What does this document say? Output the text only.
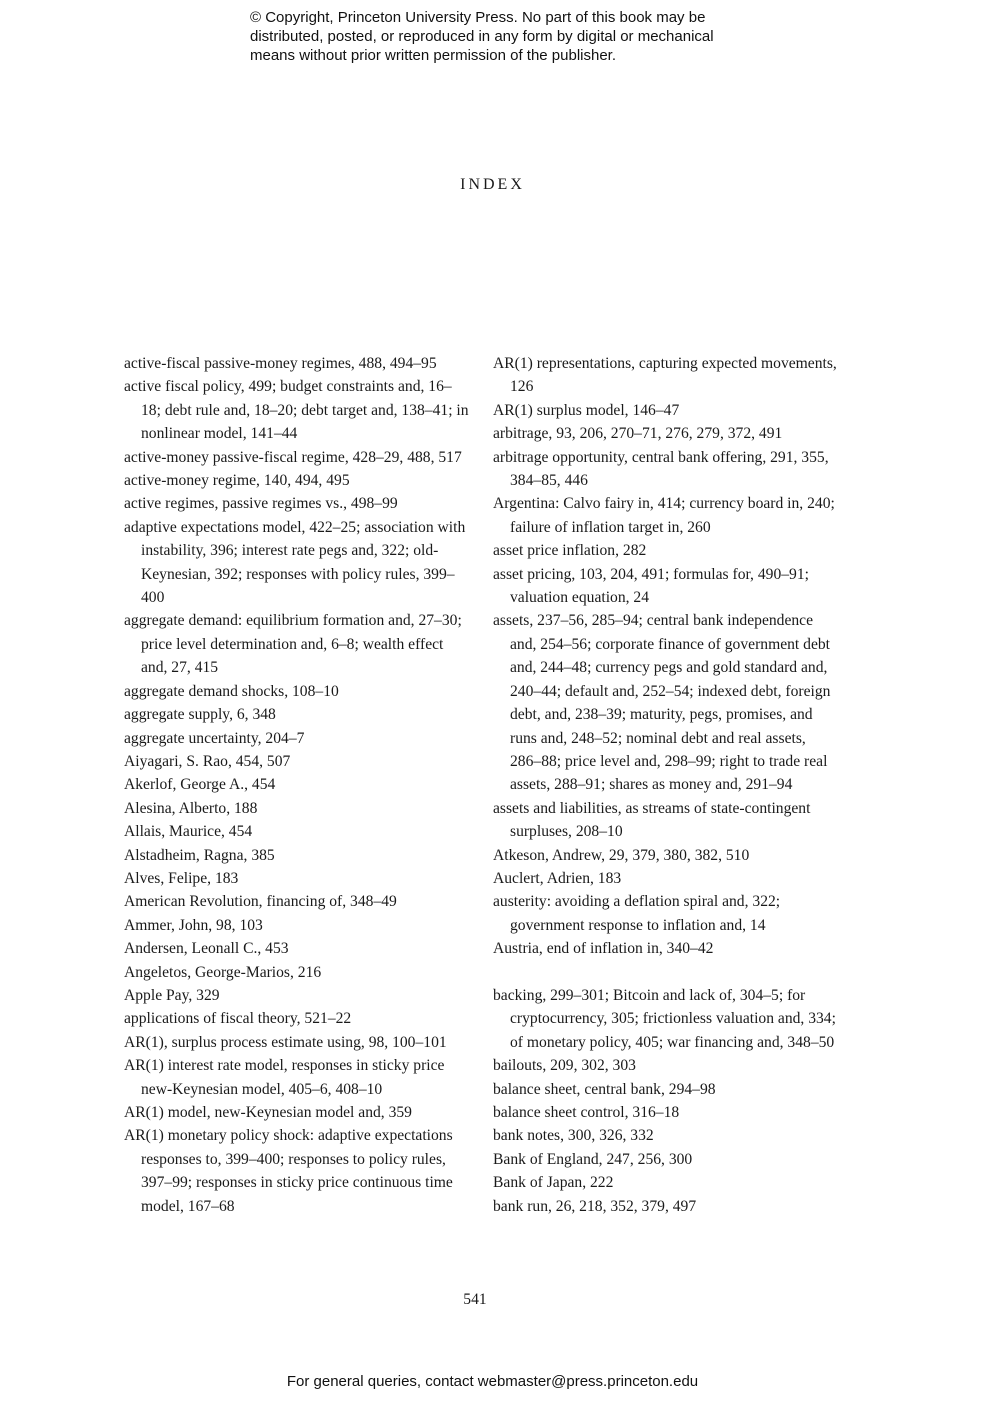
© Copyright, Princeton University Press. No part of this book may be
distributed, posted, or reproduced in any form by digital or mechanical
means without prior written permission of the publisher.
INDEX
active-fiscal passive-money regimes, 488, 494–95
active fiscal policy, 499; budget constraints and, 16–18; debt rule and, 18–20; debt target and, 138–41; in nonlinear model, 141–44
active-money passive-fiscal regime, 428–29, 488, 517
active-money regime, 140, 494, 495
active regimes, passive regimes vs., 498–99
adaptive expectations model, 422–25; association with instability, 396; interest rate pegs and, 322; old-Keynesian, 392; responses with policy rules, 399–400
aggregate demand: equilibrium formation and, 27–30; price level determination and, 6–8; wealth effect and, 27, 415
aggregate demand shocks, 108–10
aggregate supply, 6, 348
aggregate uncertainty, 204–7
Aiyagari, S. Rao, 454, 507
Akerlof, George A., 454
Alesina, Alberto, 188
Allais, Maurice, 454
Alstadheim, Ragna, 385
Alves, Felipe, 183
American Revolution, financing of, 348–49
Ammer, John, 98, 103
Andersen, Leonall C., 453
Angeletos, George-Marios, 216
Apple Pay, 329
applications of fiscal theory, 521–22
AR(1), surplus process estimate using, 98, 100–101
AR(1) interest rate model, responses in sticky price new-Keynesian model, 405–6, 408–10
AR(1) model, new-Keynesian model and, 359
AR(1) monetary policy shock: adaptive expectations responses to, 399–400; responses to policy rules, 397–99; responses in sticky price continuous time model, 167–68
AR(1) representations, capturing expected movements, 126
AR(1) surplus model, 146–47
arbitrage, 93, 206, 270–71, 276, 279, 372, 491
arbitrage opportunity, central bank offering, 291, 355, 384–85, 446
Argentina: Calvo fairy in, 414; currency board in, 240; failure of inflation target in, 260
asset price inflation, 282
asset pricing, 103, 204, 491; formulas for, 490–91; valuation equation, 24
assets, 237–56, 285–94; central bank independence and, 254–56; corporate finance of government debt and, 244–48; currency pegs and gold standard and, 240–44; default and, 252–54; indexed debt, foreign debt, and, 238–39; maturity, pegs, promises, and runs and, 248–52; nominal debt and real assets, 286–88; price level and, 298–99; right to trade real assets, 288–91; shares as money and, 291–94
assets and liabilities, as streams of state-contingent surpluses, 208–10
Atkeson, Andrew, 29, 379, 380, 382, 510
Auclert, Adrien, 183
austerity: avoiding a deflation spiral and, 322; government response to inflation and, 14
Austria, end of inflation in, 340–42
backing, 299–301; Bitcoin and lack of, 304–5; for cryptocurrency, 305; frictionless valuation and, 334; of monetary policy, 405; war financing and, 348–50
bailouts, 209, 302, 303
balance sheet, central bank, 294–98
balance sheet control, 316–18
bank notes, 300, 326, 332
Bank of England, 247, 256, 300
Bank of Japan, 222
bank run, 26, 218, 352, 379, 497
541
For general queries, contact webmaster@press.princeton.edu
